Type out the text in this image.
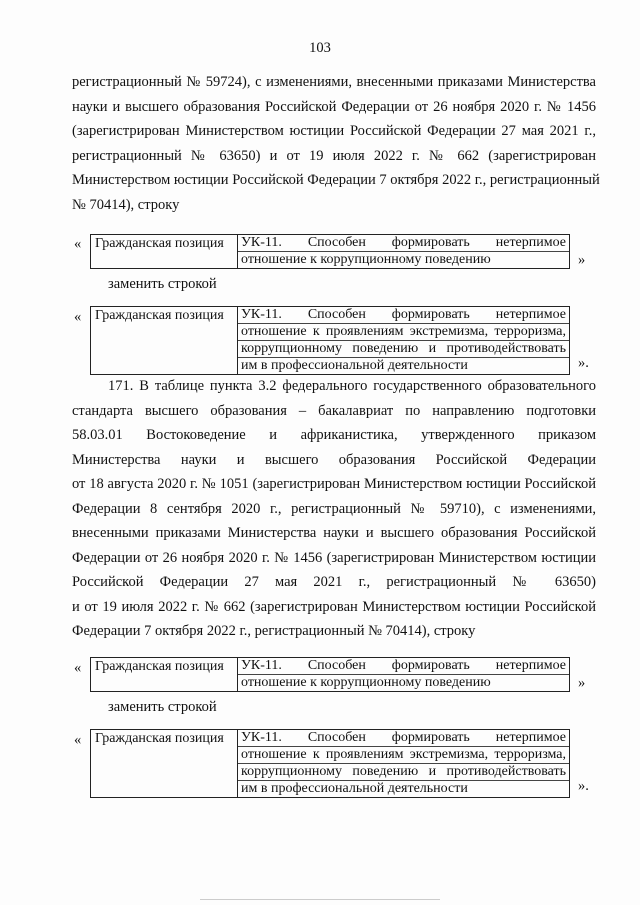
103
регистрационный № 59724), с изменениями, внесенными приказами Министерства
науки и высшего образования Российской Федерации от 26 ноября 2020 г. № 1456
(зарегистрирован Министерством юстиции Российской Федерации 27 мая 2021 г.,
регистрационный № 63650) и от 19 июля 2022 г. № 662 (зарегистрирован
Министерством юстиции Российской Федерации 7 октября 2022 г., регистрационный
№ 70414), строку
« Гражданская позиция	УК-11. Способен формировать нетерпимое
отношение к коррупционному поведению	»
заменить строкой
« Гражданская позиция	УК-11. Способен формировать нетерпимое
отношение к проявлениям экстремизма, терроризма,
коррупционному поведению и противодействовать
им в профессиональной деятельности	».
171. В таблице пункта 3.2 федерального государственного образовательного
стандарта высшего образования – бакалавриат по направлению подготовки
58.03.01 Востоковедение и африканистика, утвержденного приказом
Министерства науки и высшего образования Российской Федерации
от 18 августа 2020 г. № 1051 (зарегистрирован Министерством юстиции Российской
Федерации 8 сентября 2020 г., регистрационный № 59710), с изменениями,
внесенными приказами Министерства науки и высшего образования Российской
Федерации от 26 ноября 2020 г. № 1456 (зарегистрирован Министерством юстиции
Российской Федерации 27 мая 2021 г., регистрационный № 63650)
и от 19 июля 2022 г. № 662 (зарегистрирован Министерством юстиции Российской
Федерации 7 октября 2022 г., регистрационный № 70414), строку
« Гражданская позиция	УК-11. Способен формировать нетерпимое
отношение к коррупционному поведению	»
заменить строкой
« Гражданская позиция	УК-11. Способен формировать нетерпимое
отношение к проявлениям экстремизма, терроризма,
коррупционному поведению и противодействовать
им в профессиональной деятельности	».
